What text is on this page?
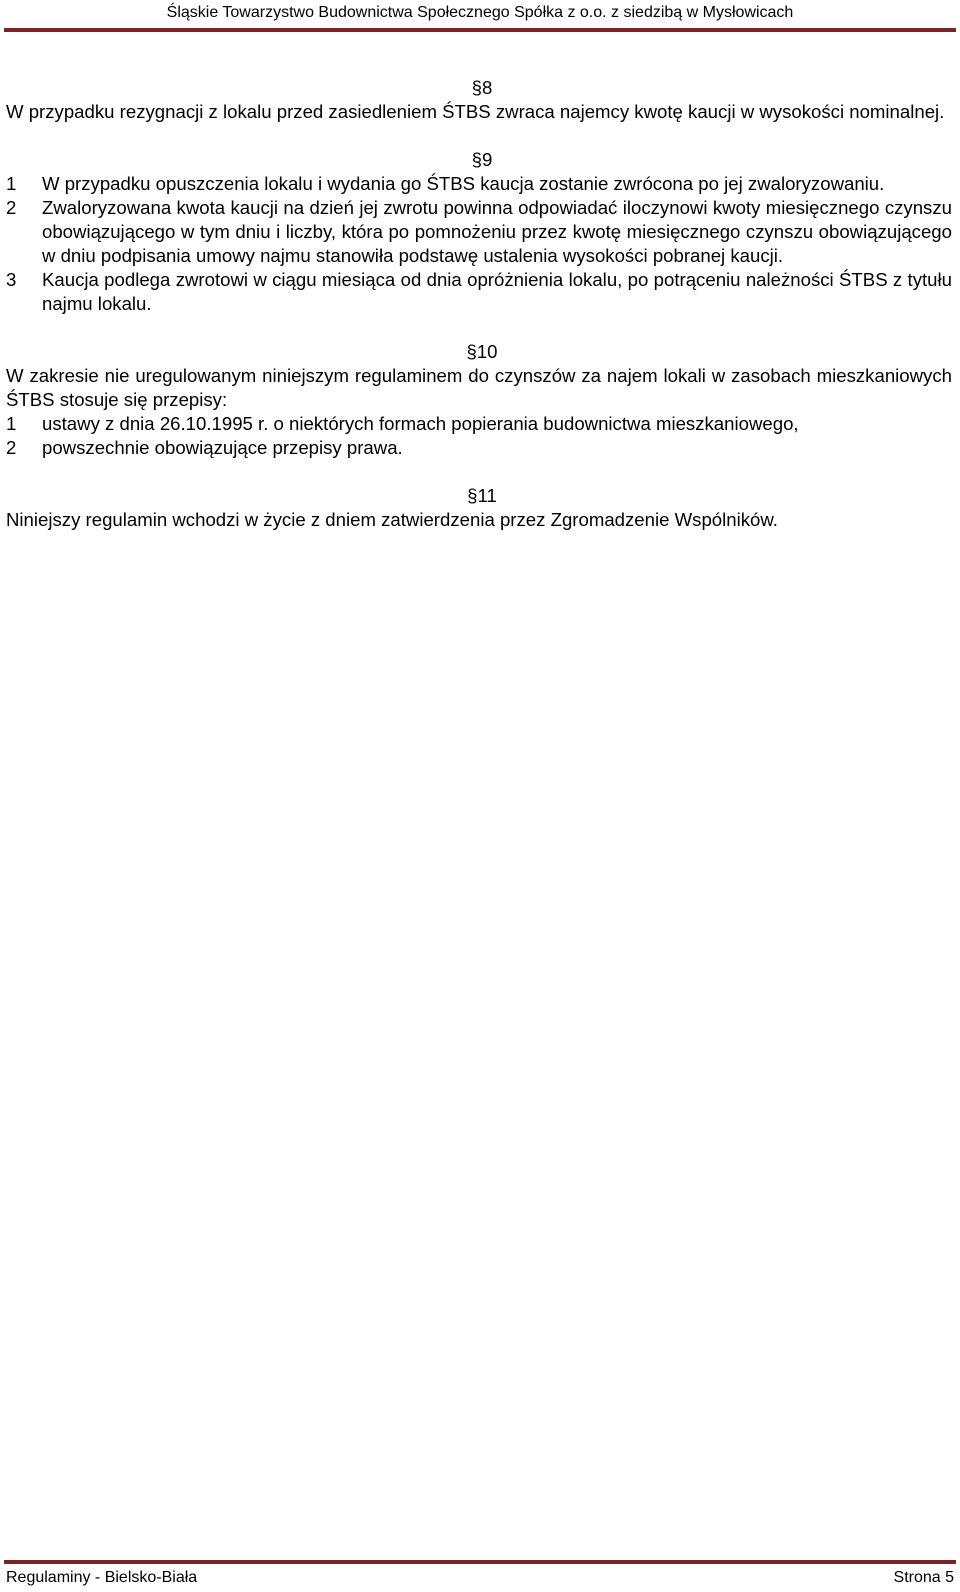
Śląskie Towarzystwo Budownictwa Społecznego Spółka z o.o. z siedzibą w Mysłowicach
§8
W przypadku rezygnacji z lokalu przed zasiedleniem ŚTBS zwraca najemcy kwotę kaucji w wysokości nominalnej.
§9
1	W przypadku opuszczenia lokalu i wydania go ŚTBS kaucja zostanie zwrócona po jej zwaloryzowaniu.
2	Zwaloryzowana kwota kaucji na dzień jej zwrotu powinna odpowiadać iloczynowi kwoty miesięcznego czynszu obowiązującego w tym dniu i liczby, która po pomnożeniu przez kwotę miesięcznego czynszu obowiązującego w dniu podpisania umowy najmu stanowiła podstawę ustalenia wysokości pobranej kaucji.
3	Kaucja podlega zwrotowi w ciągu miesiąca od dnia opróżnienia lokalu, po potrąceniu należności ŚTBS z tytułu najmu lokalu.
§10
W zakresie nie uregulowanym niniejszym regulaminem do czynszów za najem lokali w zasobach mieszkaniowych ŚTBS stosuje się przepisy:
1	ustawy z dnia 26.10.1995 r. o niektórych formach popierania budownictwa mieszkaniowego,
2	powszechnie obowiązujące przepisy prawa.
§11
Niniejszy regulamin wchodzi w życie z dniem zatwierdzenia przez Zgromadzenie Wspólników.
Regulaminy - Bielsko-Biała	Strona 5
